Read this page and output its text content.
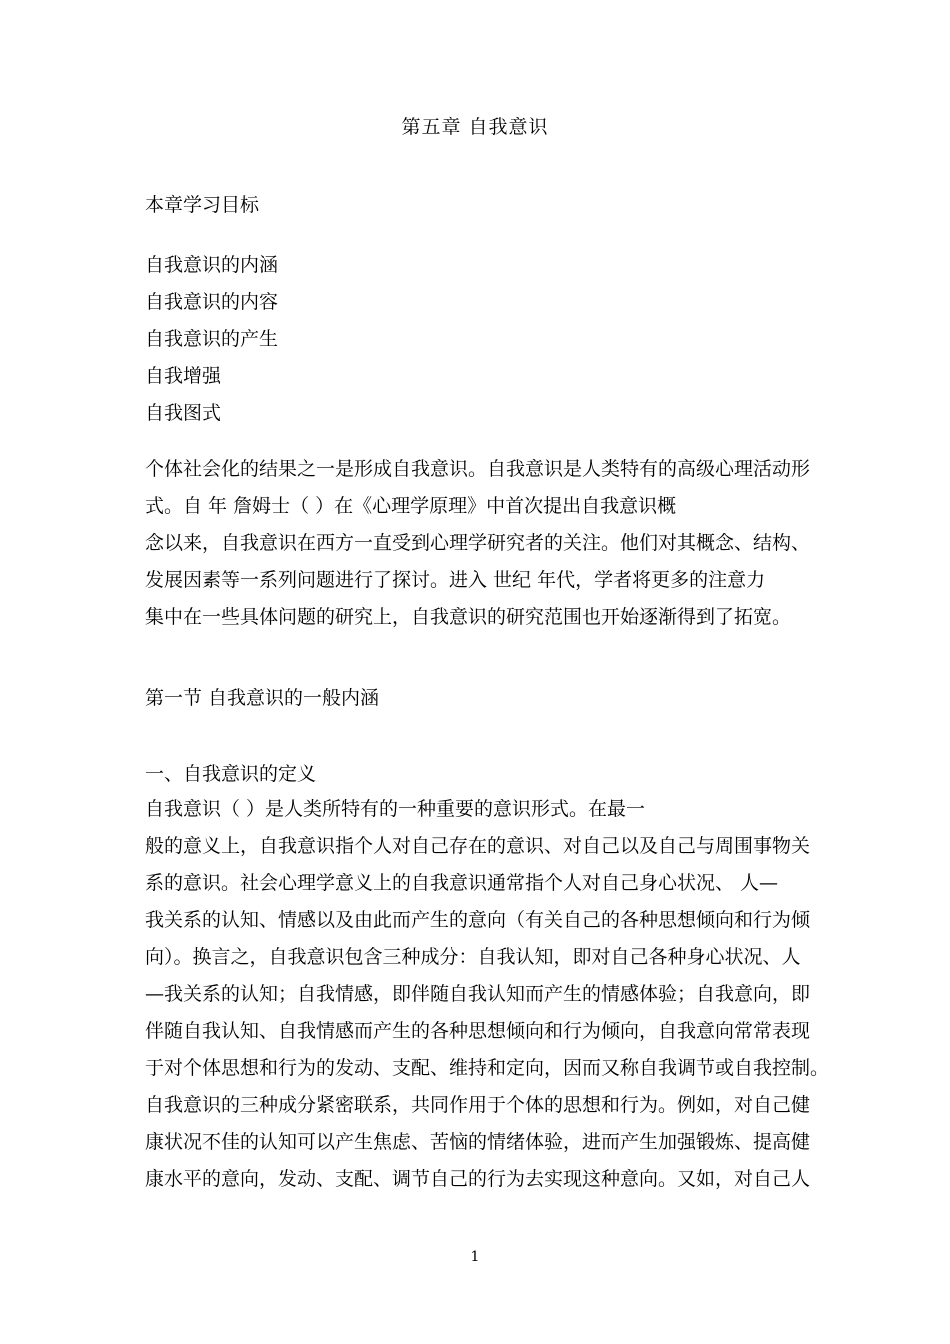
第五章 自我意识
本章学习目标
自我意识的内涵
自我意识的内容
自我意识的产生
自我增强
自我图式
个体社会化的结果之一是形成自我意识。自我意识是人类特有的高级心理活动形
式。自 年 詹姆士（ ）在《心理学原理》中首次提出自我意识概
念以来，自我意识在西方一直受到心理学研究者的关注。他们对其概念、结构、
发展因素等一系列问题进行了探讨。进入 世纪 年代，学者将更多的注意力
集中在一些具体问题的研究上，自我意识的研究范围也开始逐渐得到了拓宽。
第一节 自我意识的一般内涵
一、自我意识的定义
自我意识（ ）是人类所特有的一种重要的意识形式。在最一
般的意义上，自我意识指个人对自己存在的意识、对自己以及自己与周围事物关
系的意识。社会心理学意义上的自我意识通常指个人对自己身心状况、 人—
我关系的认知、情感以及由此而产生的意向（有关自己的各种思想倾向和行为倾
向）。换言之，自我意识包含三种成分：自我认知，即对自己各种身心状况、人
—我关系的认知；自我情感，即伴随自我认知而产生的情感体验；自我意向，即
伴随自我认知、自我情感而产生的各种思想倾向和行为倾向，自我意向常常表现
于对个体思想和行为的发动、支配、维持和定向，因而又称自我调节或自我控制。
自我意识的三种成分紧密联系，共同作用于个体的思想和行为。例如，对自己健
康状况不佳的认知可以产生焦虑、苦恼的情绪体验，进而产生加强锻炼、提高健
康水平的意向，发动、支配、调节自己的行为去实现这种意向。又如，对自己人
1
